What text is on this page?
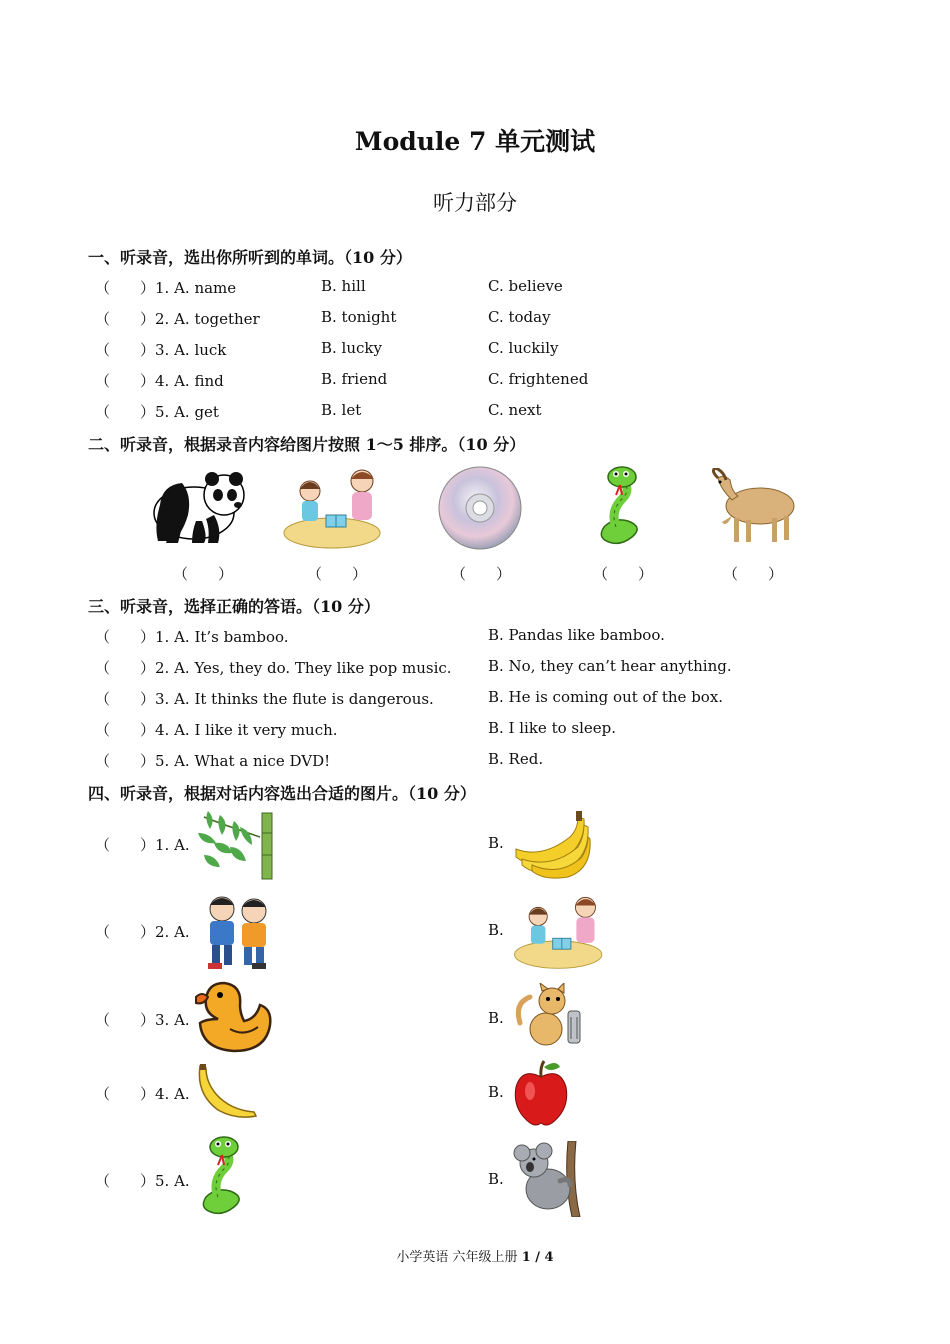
Module 7 单元测试
听力部分
一、听录音，选出你所听到的单词。（10 分）
（ ）1. A. name	B. hill	C. believe
（ ）2. A. together	B. tonight	C. today
（ ）3. A. luck	B. lucky	C. luckily
（ ）4. A. find	B. friend	C. frightened
（ ）5. A. get	B. let	C. next
二、听录音，根据录音内容给图片按照 1～5 排序。（10 分）
（　　）	（　　）	（　　）	（　　）	（　　）
三、听录音，选择正确的答语。（10 分）
（ ）1. A. It’s bamboo.	B. Pandas like bamboo.
（ ）2. A. Yes, they do. They like pop music. B. No, they can’t hear anything.
（ ）3. A. It thinks the flute is dangerous.	B. He is coming out of the box.
（ ）4. A. I like it very much.	B. I like to sleep.
（ ）5. A. What a nice DVD!	B. Red.
四、听录音，根据对话内容选出合适的图片。（10 分）
（ ）1. A.	B.
（ ）2. A.	B.
（ ）3. A.	B.
（ ）4. A.	B.
（ ）5. A.	B.
小学英语 六年级上册 1 / 4
